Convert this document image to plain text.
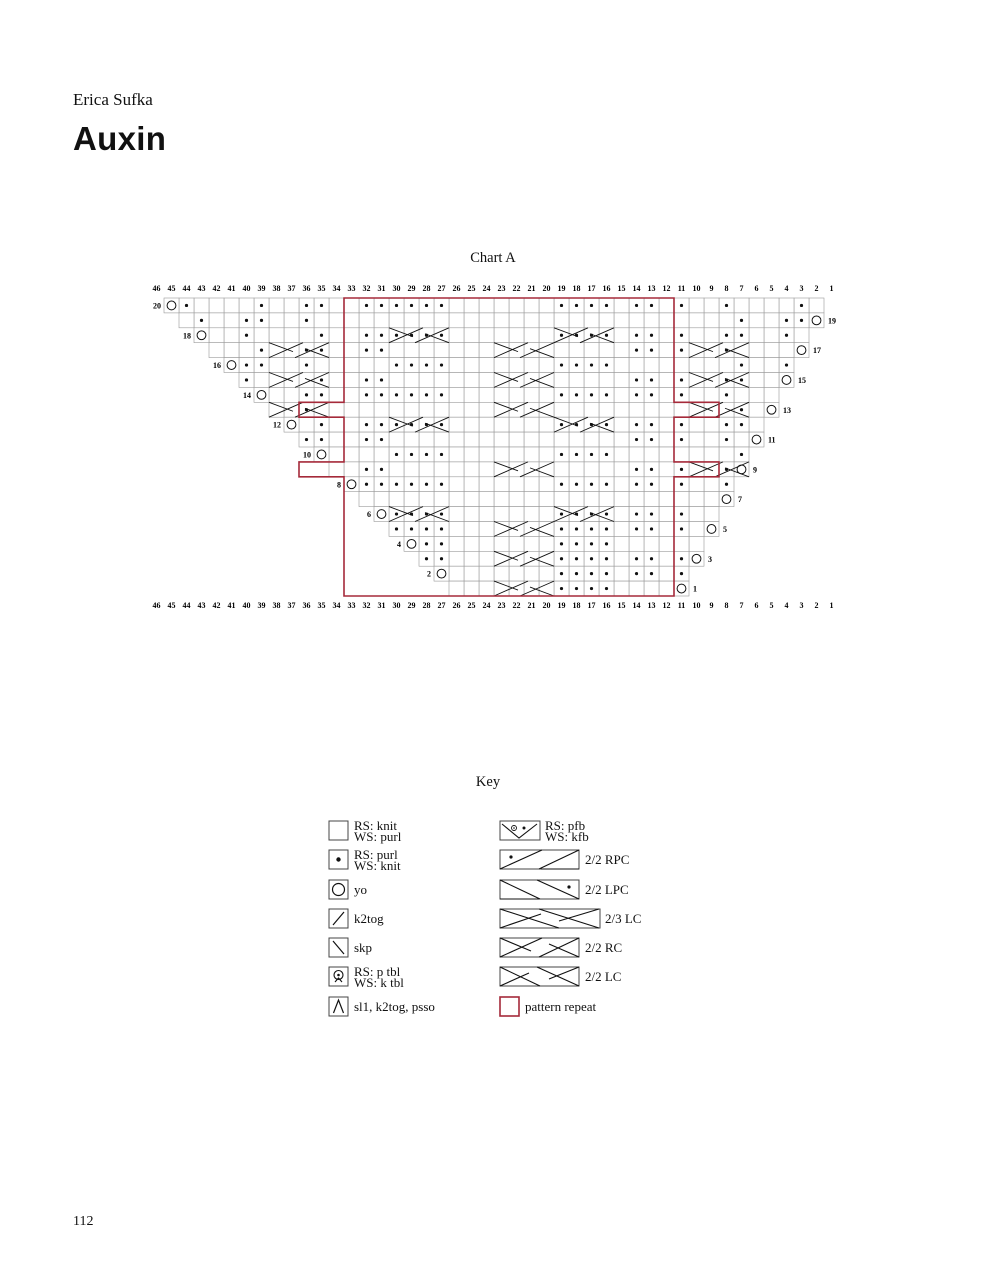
Erica Sufka
Auxin
Chart A
46
46
45
45
44
44
43
43
42
42
41
41
40
40
39
39
38
38
37
37
36
36
35
35
34
34
33
33
32
32
31
31
30
30
29
29
28
28
27
27
26
26
25
25
24
24
23
23
22
22
21
21
20
20
19
19
18
18
17
17
16
16
15
15
14
14
13
13
12
12
11
11
10
10
9
9
8
8
7
7
6
6
5
5
4
4
3
3
2
2
1
1
20
19
18
17
16
15
14
13
12
11
10
9
8
7
6
5
4
3
2
1
Key
RS: knit
WS: purl
RS: purl
WS: knit
yo
k2tog
skp
RS: p tbl
WS: k tbl
sl1, k2tog, psso
RS: pfb
WS: kfb
2/2 RPC
2/2 LPC
2/3 LC
2/2 RC
2/2 LC
pattern repeat
112
